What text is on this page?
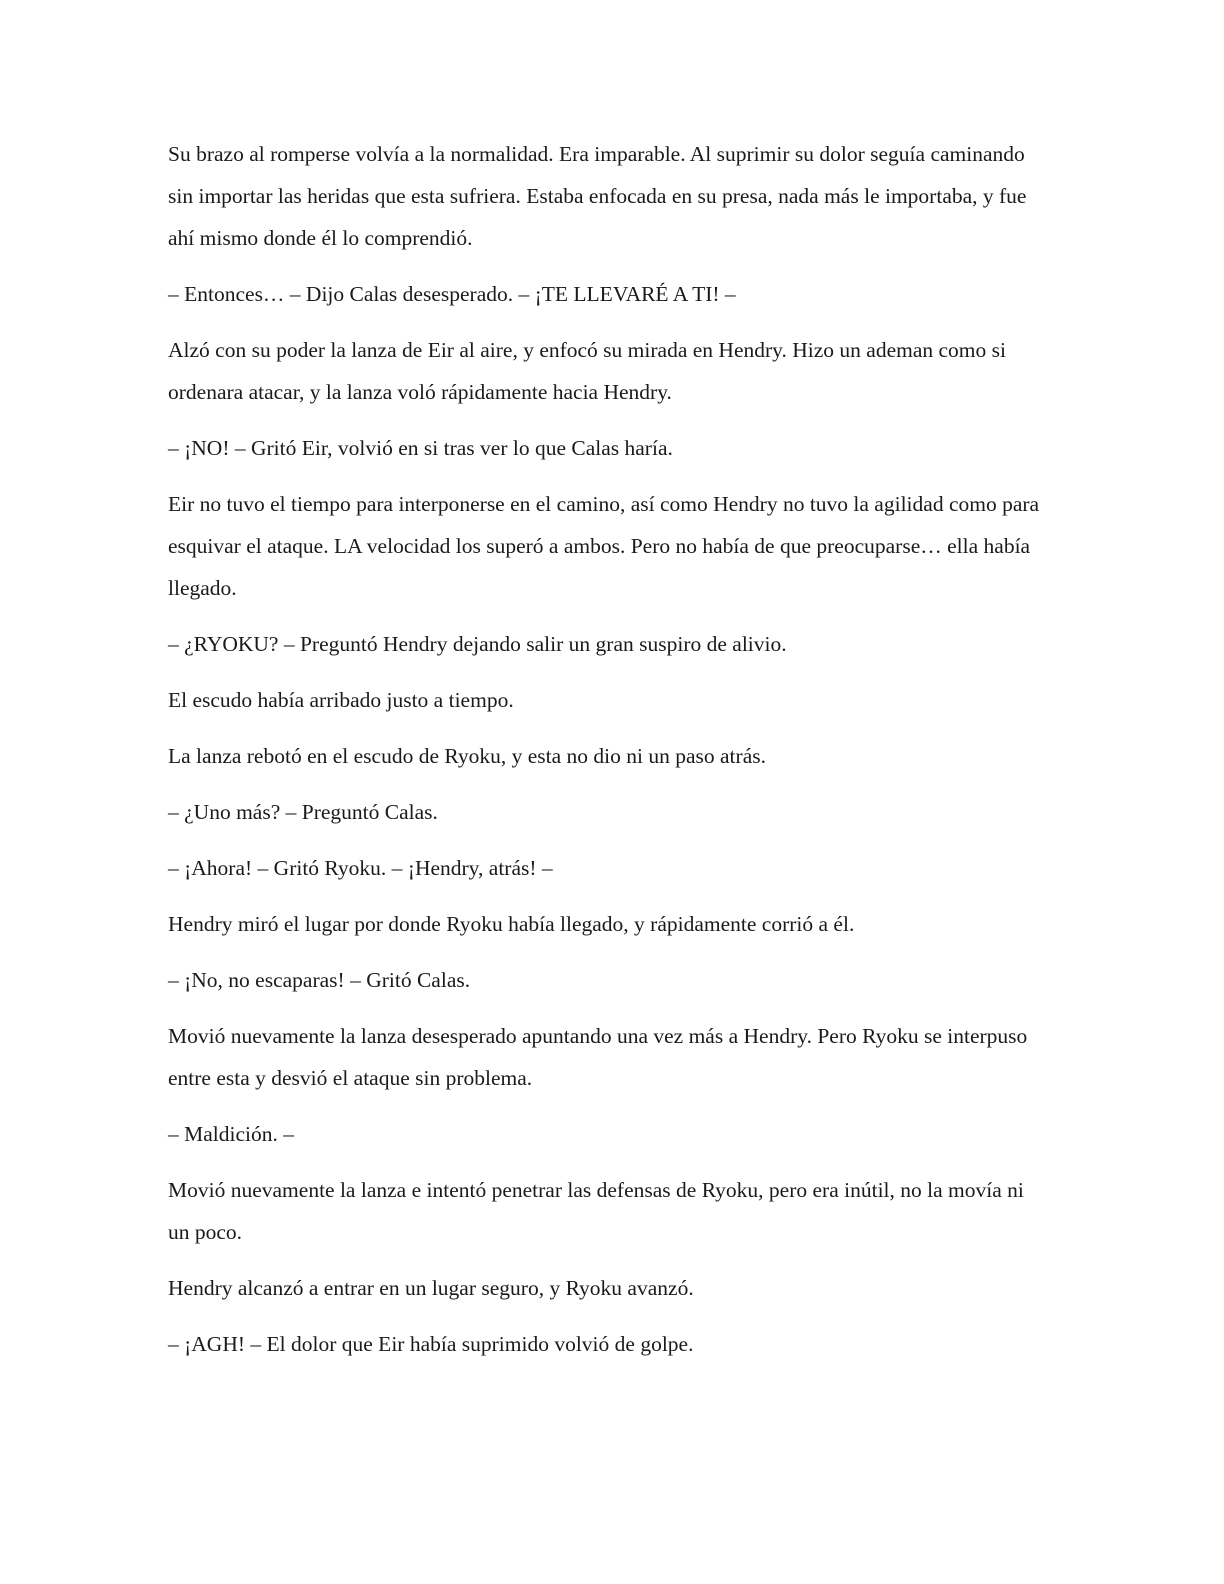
Su brazo al romperse volvía a la normalidad. Era imparable. Al suprimir su dolor seguía caminando sin importar las heridas que esta sufriera. Estaba enfocada en su presa, nada más le importaba, y fue ahí mismo donde él lo comprendió.

– Entonces… – Dijo Calas desesperado. – ¡TE LLEVARÉ A TI! –

Alzó con su poder la lanza de Eir al aire, y enfocó su mirada en Hendry. Hizo un ademan como si ordenara atacar, y la lanza voló rápidamente hacia Hendry.

– ¡NO! – Gritó Eir, volvió en si tras ver lo que Calas haría.

Eir no tuvo el tiempo para interponerse en el camino, así como Hendry no tuvo la agilidad como para esquivar el ataque. LA velocidad los superó a ambos. Pero no había de que preocuparse… ella había llegado.

– ¿RYOKU? – Preguntó Hendry dejando salir un gran suspiro de alivio.

El escudo había arribado justo a tiempo.

La lanza rebotó en el escudo de Ryoku, y esta no dio ni un paso atrás.

– ¿Uno más? – Preguntó Calas.

– ¡Ahora! – Gritó Ryoku. – ¡Hendry, atrás! –

Hendry miró el lugar por donde Ryoku había llegado, y rápidamente corrió a él.

– ¡No, no escaparas! – Gritó Calas.

Movió nuevamente la lanza desesperado apuntando una vez más a Hendry. Pero Ryoku se interpuso entre esta y desvió el ataque sin problema.

– Maldición. –

Movió nuevamente la lanza e intentó penetrar las defensas de Ryoku, pero era inútil, no la movía ni un poco.

Hendry alcanzó a entrar en un lugar seguro, y Ryoku avanzó.

– ¡AGH! – El dolor que Eir había suprimido volvió de golpe.
